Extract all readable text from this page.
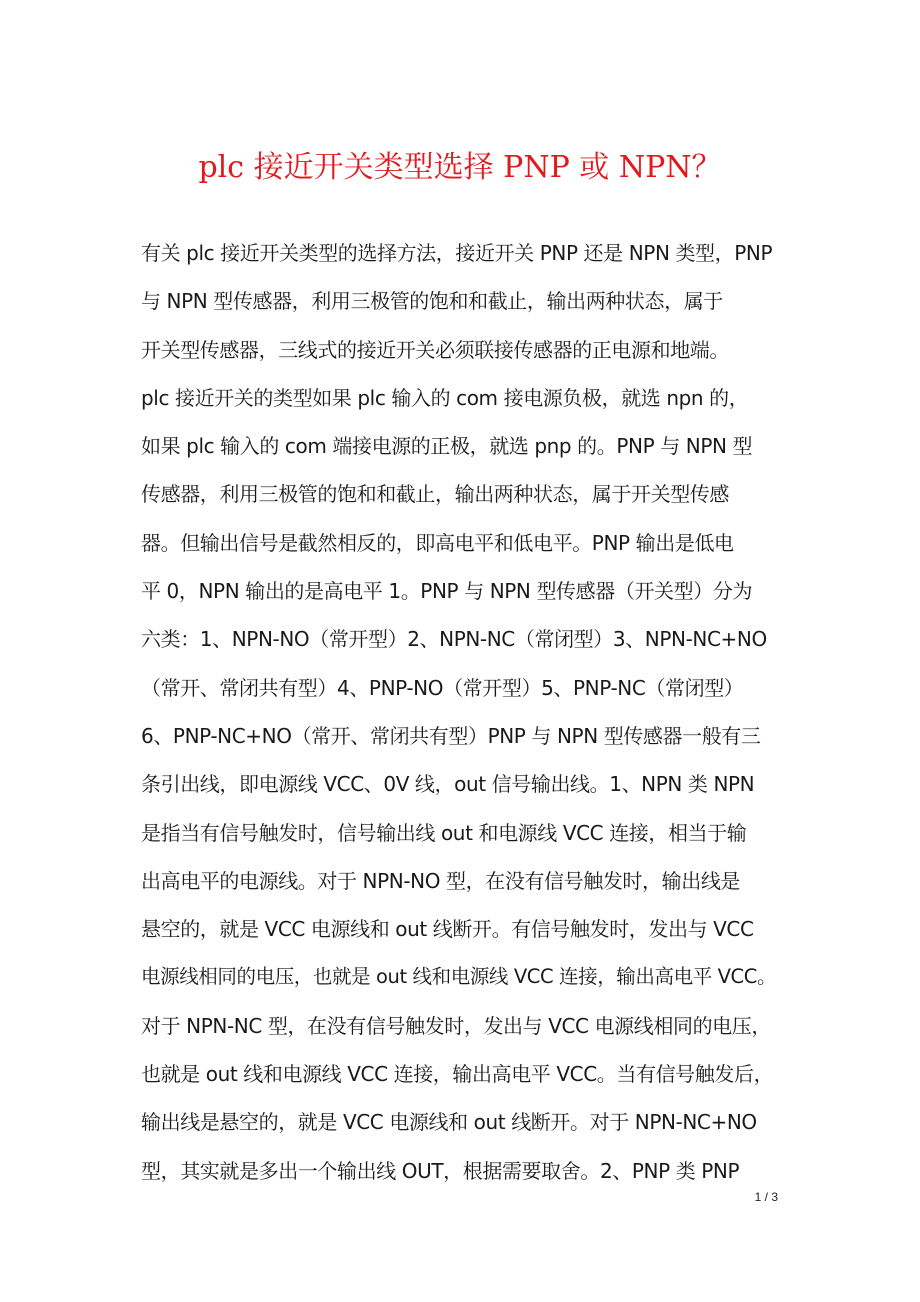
plc 接近开关类型选择 PNP 或 NPN？
有关 plc 接近开关类型的选择方法，接近开关 PNP 还是 NPN 类型，PNP
与 NPN 型传感器，利用三极管的饱和和截止，输出两种状态，属于
开关型传感器，三线式的接近开关必须联接传感器的正电源和地端。
plc 接近开关的类型如果 plc 输入的 com 接电源负极，就选 npn 的，
如果 plc 输入的 com 端接电源的正极，就选 pnp 的。PNP 与 NPN 型
传感器，利用三极管的饱和和截止，输出两种状态，属于开关型传感
器。但输出信号是截然相反的，即高电平和低电平。PNP 输出是低电
平 0，NPN 输出的是高电平 1。PNP 与 NPN 型传感器（开关型）分为
六类：1、NPN-NO（常开型）2、NPN-NC（常闭型）3、NPN-NC+NO
（常开、常闭共有型）4、PNP-NO（常开型）5、PNP-NC（常闭型）
6、PNP-NC+NO（常开、常闭共有型）PNP 与 NPN 型传感器一般有三
条引出线，即电源线 VCC、0V 线，out 信号输出线。1、NPN 类 NPN
是指当有信号触发时，信号输出线 out 和电源线 VCC 连接，相当于输
出高电平的电源线。对于 NPN-NO 型，在没有信号触发时，输出线是
悬空的，就是 VCC 电源线和 out 线断开。有信号触发时，发出与 VCC
电源线相同的电压，也就是 out 线和电源线 VCC 连接，输出高电平 VCC。
对于 NPN-NC 型，在没有信号触发时，发出与 VCC 电源线相同的电压，
也就是 out 线和电源线 VCC 连接，输出高电平 VCC。当有信号触发后，
输出线是悬空的，就是 VCC 电源线和 out 线断开。对于 NPN-NC+NO
型，其实就是多出一个输出线 OUT，根据需要取舍。2、PNP 类 PNP
1 / 3
